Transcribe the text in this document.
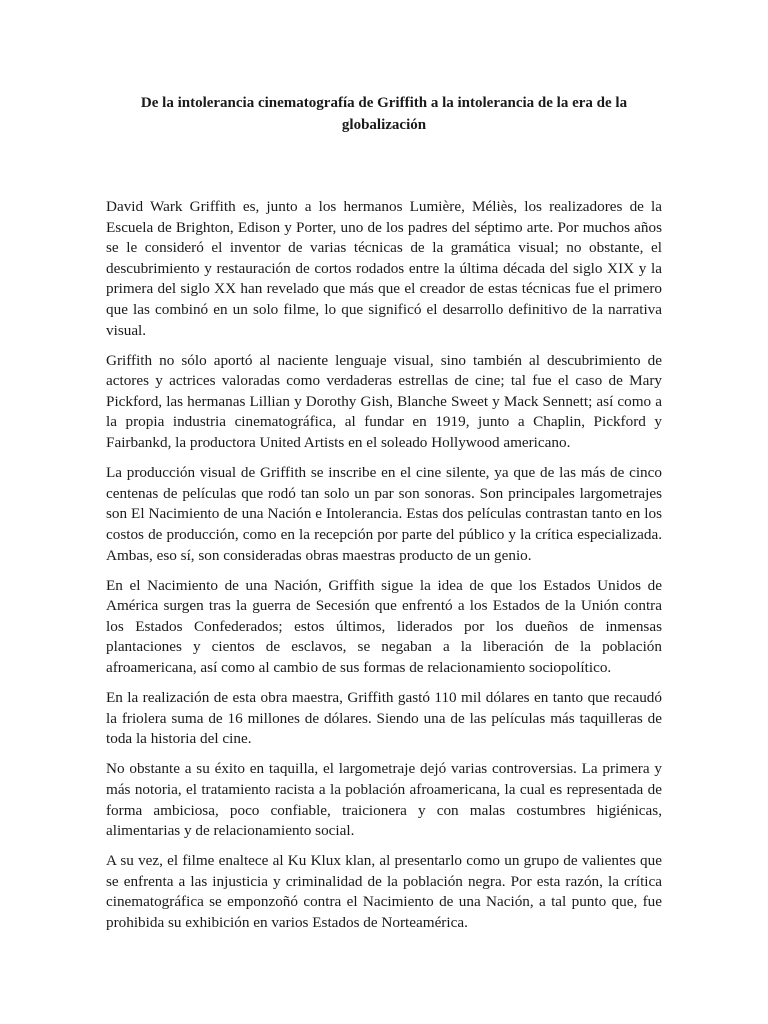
De la intolerancia cinematografía de Griffith a la intolerancia de la era de la globalización

David Wark Griffith es, junto a los hermanos Lumière, Méliès, los realizadores de la Escuela de Brighton, Edison y Porter, uno de los padres del séptimo arte. Por muchos años se le consideró el inventor de varias técnicas de la gramática visual; no obstante, el descubrimiento y restauración de cortos rodados entre la última década del siglo XIX y la primera del siglo XX han revelado que más que el creador de estas técnicas fue el primero que las combinó en un solo filme, lo que significó el desarrollo definitivo de la narrativa visual.

Griffith no sólo aportó al naciente lenguaje visual, sino también al descubrimiento de actores y actrices valoradas como verdaderas estrellas de cine; tal fue el caso de Mary Pickford, las hermanas Lillian y Dorothy Gish, Blanche Sweet y Mack Sennett; así como a la propia industria cinematográfica, al fundar en 1919, junto a Chaplin, Pickford y Fairbankd, la productora United Artists en el soleado Hollywood americano.

La producción visual de Griffith se inscribe en el cine silente, ya que de las más de cinco centenas de películas que rodó tan solo un par son sonoras. Son principales largometrajes son El Nacimiento de una Nación e Intolerancia. Estas dos películas contrastan tanto en los costos de producción, como en la recepción por parte del público y la crítica especializada. Ambas, eso sí, son consideradas obras maestras producto de un genio.

En el Nacimiento de una Nación, Griffith sigue la idea de que los Estados Unidos de América surgen tras la guerra de Secesión que enfrentó a los Estados de la Unión contra los Estados Confederados; estos últimos, liderados por los dueños de inmensas plantaciones y cientos de esclavos, se negaban a la liberación de la población afroamericana, así como al cambio de sus formas de relacionamiento sociopolítico.

En la realización de esta obra maestra, Griffith gastó 110 mil dólares en tanto que recaudó la friolera suma de 16 millones de dólares. Siendo una de las películas más taquilleras de toda la historia del cine.

No obstante a su éxito en taquilla, el largometraje dejó varias controversias. La primera y más notoria, el tratamiento racista a la población afroamericana, la cual es representada de forma ambiciosa, poco confiable, traicionera y con malas costumbres higiénicas, alimentarias y de relacionamiento social.

A su vez, el filme enaltece al Ku Klux klan, al presentarlo como un grupo de valientes que se enfrenta a las injusticia y criminalidad de la población negra. Por esta razón, la crítica cinematográfica se emponzoñó contra el Nacimiento de una Nación, a tal punto que, fue prohibida su exhibición en varios Estados de Norteamérica.
